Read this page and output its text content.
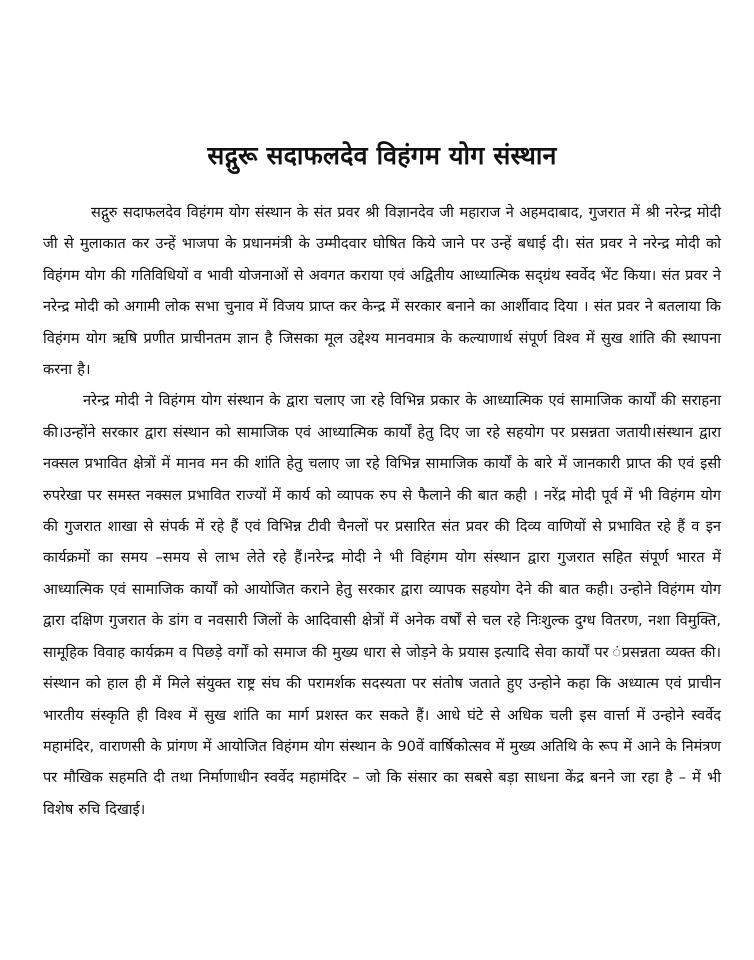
सद्गुरू सदाफलदेव विहंगम योग संस्थान

सद्गुरु सदाफलदेव विहंगम योग संस्थान के संत प्रवर श्री विज्ञानदेव जी महाराज ने अहमदाबाद, गुजरात में श्री नरेन्द्र मोदी जी से मुलाकात कर उन्हें भाजपा के प्रधानमंत्री के उम्मीदवार घोषित किये जाने पर उन्हें बधाई दी। संत प्रवर ने नरेन्द्र मोदी को विहंगम योग की गतिविधियों व भावी योजनाओं से अवगत कराया एवं अद्वितीय आध्यात्मिक सद्ग्रंथ स्वर्वेद भेंट किया। संत प्रवर ने नरेन्द्र मोदी को अगामी लोक सभा चुनाव में विजय प्राप्त कर केन्द्र में सरकार बनाने का आर्शीवाद दिया । संत प्रवर ने बतलाया कि विहंगम योग ऋषि प्रणीत प्राचीनतम ज्ञान है जिसका मूल उद्देश्य मानवमात्र के कल्याणार्थ संपूर्ण विश्व में सुख शांति की स्थापना करना है।

नरेन्द्र मोदी ने विहंगम योग संस्थान के द्वारा चलाए जा रहे विभिन्न प्रकार के आध्यात्मिक एवं सामाजिक कार्यों की सराहना की।उन्होंने सरकार द्वारा संस्थान को सामाजिक एवं आध्यात्मिक कार्यों हेतु दिए जा रहे सहयोग पर प्रसन्नता जतायी।संस्थान द्वारा नक्सल प्रभावित क्षेत्रों में मानव मन की शांति हेतु चलाए जा रहे विभिन्न सामाजिक कार्यों के बारे में जानकारी प्राप्त की एवं इसी रुपरेखा पर समस्त नक्सल प्रभावित राज्यों में कार्य को व्यापक रुप से फैलाने की बात कही । नरेंद्र मोदी पूर्व में भी विहंगम योग की गुजरात शाखा से संपर्क में रहे हैं एवं विभिन्न टीवी चैनलों पर प्रसारित संत प्रवर की दिव्य वाणियों से प्रभावित रहे हैं व इन कार्यक्रमों का समय –समय से लाभ लेते रहे हैं।नरेन्द्र मोदी ने भी विहंगम योग संस्थान द्वारा गुजरात सहित संपूर्ण भारत में आध्यात्मिक एवं सामाजिक कार्यों को आयोजित कराने हेतु सरकार द्वारा व्यापक सहयोग देने की बात कही। उन्होने विहंगम योग द्वारा दक्षिण गुजरात के डांग व नवसारी जिलों के आदिवासी क्षेत्रों में अनेक वर्षों से चल रहे निःशुल्क दुग्ध वितरण, नशा विमुक्ति, सामूहिक विवाह कार्यक्रम व पिछड़े वर्गों को समाज की मुख्य धारा से जोड़ने के प्रयास इत्यादि सेवा कार्यों पर ंप्रसन्नता व्यक्त की। संस्थान को हाल ही में मिले संयुक्त राष्ट्र संघ की परामर्शक सदस्यता पर संतोष जताते हुए उन्होने कहा कि अध्यात्म एवं प्राचीन भारतीय संस्कृति ही विश्व में सुख शांति का मार्ग प्रशस्त कर सकते हैं। आधे घंटे से अधिक चली इस वार्त्ता में उन्होने स्वर्वेद महामंदिर, वाराणसी के प्रांगण में आयोजित विहंगम योग संस्थान के 90वें वार्षिकोत्सव में मुख्य अतिथि के रूप में आने के निमंत्रण पर मौखिक सहमति दी तथा निर्माणाधीन स्वर्वेद महामंदिर – जो कि संसार का सबसे बड़ा साधना केंद्र बनने जा रहा है – में भी विशेष रुचि दिखाई।
